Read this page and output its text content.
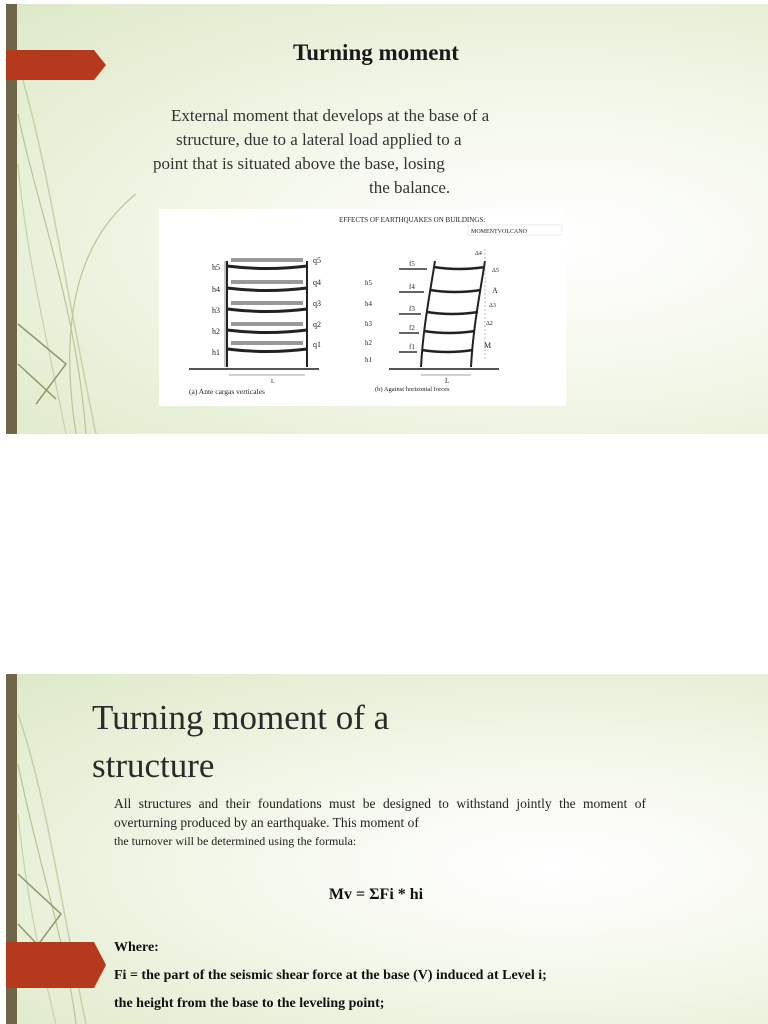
Turning moment
External moment that develops at the base of a
structure, due to a lateral load applied to a
point that is situated above the base, losing
the balance.
EFFECTS OF EARTHQUAKES ON BUILDINGS:
MOMENTVOLCANO
h5
h4
h3
h2
h1
q5
q4
q3
q2
q1
L
(a) Ante cargas verticales
f5
f4
f3
f2
f1
h5
h4
h3
h2
h1
Δ4
Δ5
Δ3
Δ2
A
M
L
(b) Against horizontal forces
Turning moment of a
structure
All structures and their foundations must be designed to withstand jointly the moment of overturning produced by an earthquake. This moment of
the turnover will be determined using the formula:
Mv = ΣFi * hi
Where:
Fi = the part of the seismic shear force at the base (V) induced at Level i;
the height from the base to the leveling point;
